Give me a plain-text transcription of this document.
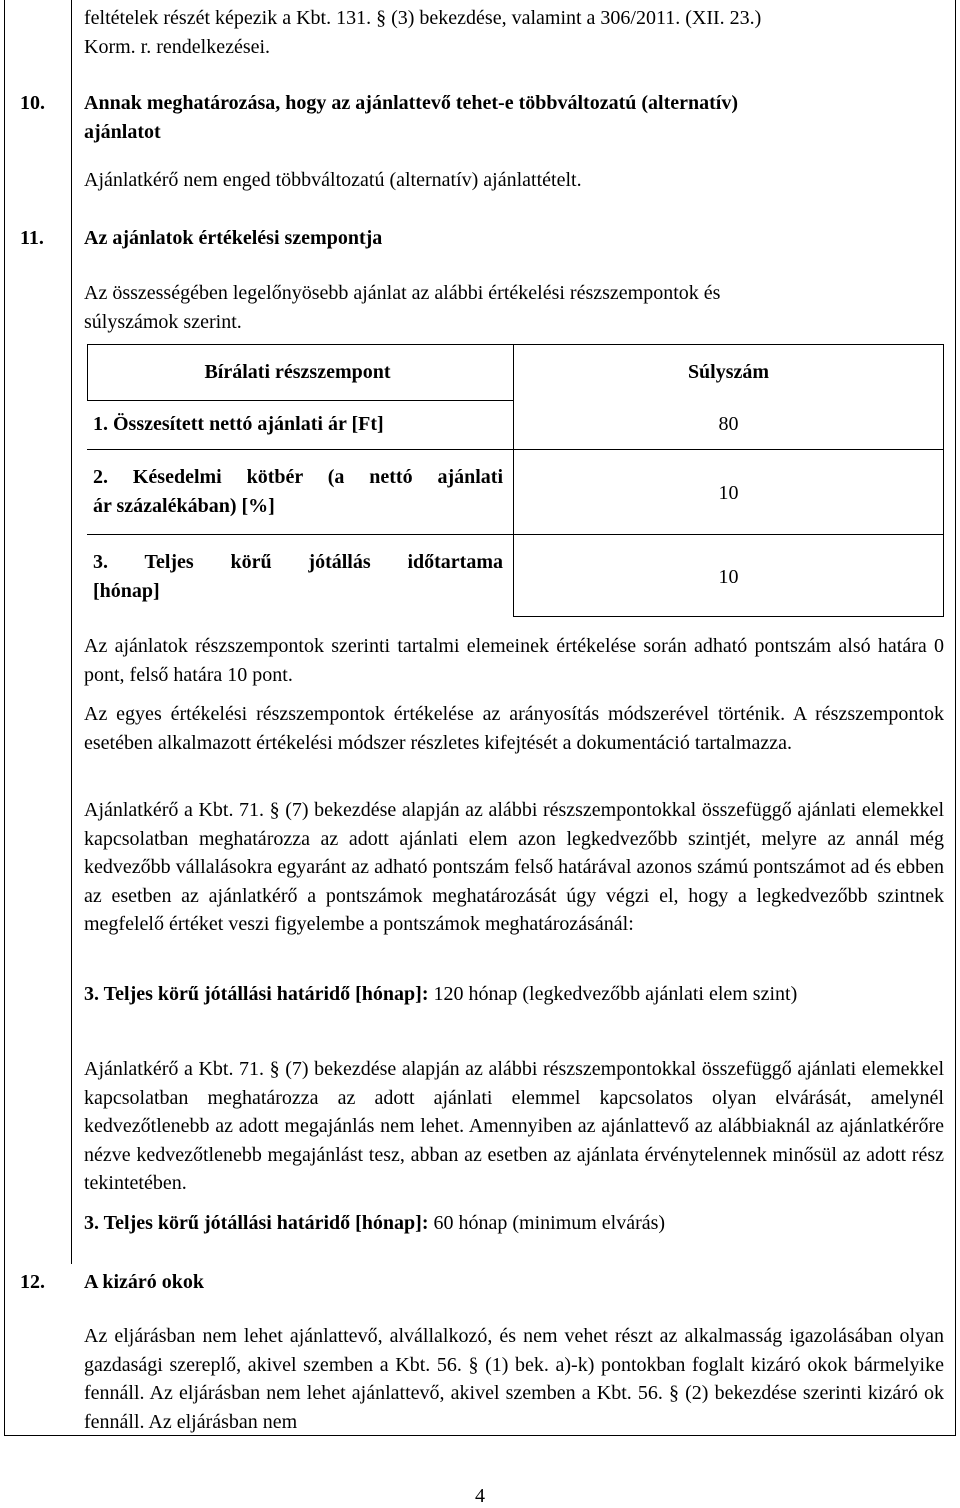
feltételek részét képezik a Kbt. 131. § (3) bekezdése, valamint a 306/2011. (XII. 23.)
Korm. r. rendelkezései.
10. Annak meghatározása, hogy az ajánlattevő tehet-e többváltozatú (alternatív)
ajánlatot
Ajánlatkérő nem enged többváltozatú (alternatív) ajánlattételt.
11. Az ajánlatok értékelési szempontja
Az összességében legelőnyösebb ajánlat az alábbi értékelési részszempontok és
súlyszámok szerint.
Bírálati részszempont	Súlyszám
1. Összesített nettó ajánlati ár [Ft]	80
2. Késedelmi kötbér (a nettó ajánlati
ár százalékában) [%]
10
3. Teljes körű jótállás időtartama
[hónap]
10
Az ajánlatok részszempontok szerinti tartalmi elemeinek értékelése során adható pontszám alsó határa 0 pont, felső határa 10 pont.
Az egyes értékelési részszempontok értékelése az arányosítás módszerével történik. A részszempontok esetében alkalmazott értékelési módszer részletes kifejtését a dokumentáció tartalmazza.
Ajánlatkérő a Kbt. 71. § (7) bekezdése alapján az alábbi részszempontokkal összefüggő ajánlati elemekkel kapcsolatban meghatározza az adott ajánlati elem azon legkedvezőbb szintjét, melyre az annál még kedvezőbb vállalásokra egyaránt az adható pontszám felső határával azonos számú pontszámot ad és ebben az esetben az ajánlatkérő a pontszámok meghatározását úgy végzi el, hogy a legkedvezőbb szintnek megfelelő értéket veszi figyelembe a pontszámok meghatározásánál:
3. Teljes körű jótállási határidő [hónap]: 120 hónap (legkedvezőbb ajánlati elem szint)
Ajánlatkérő a Kbt. 71. § (7) bekezdése alapján az alábbi részszempontokkal összefüggő ajánlati elemekkel kapcsolatban meghatározza az adott ajánlati elemmel kapcsolatos olyan elvárását, amelynél kedvezőtlenebb az adott megajánlás nem lehet. Amennyiben az ajánlattevő az alábbiaknál az ajánlatkérőre nézve kedvezőtlenebb megajánlást tesz, abban az esetben az ajánlata érvénytelennek minősül az adott rész tekintetében.
3. Teljes körű jótállási határidő [hónap]: 60 hónap (minimum elvárás)
12. A kizáró okok
Az eljárásban nem lehet ajánlattevő, alvállalkozó, és nem vehet részt az alkalmasság igazolásában olyan gazdasági szereplő, akivel szemben a Kbt. 56. § (1) bek. a)-k) pontokban foglalt kizáró okok bármelyike fennáll. Az eljárásban nem lehet ajánlattevő, akivel szemben a Kbt. 56. § (2) bekezdése szerinti kizáró ok fennáll. Az eljárásban nem
4
